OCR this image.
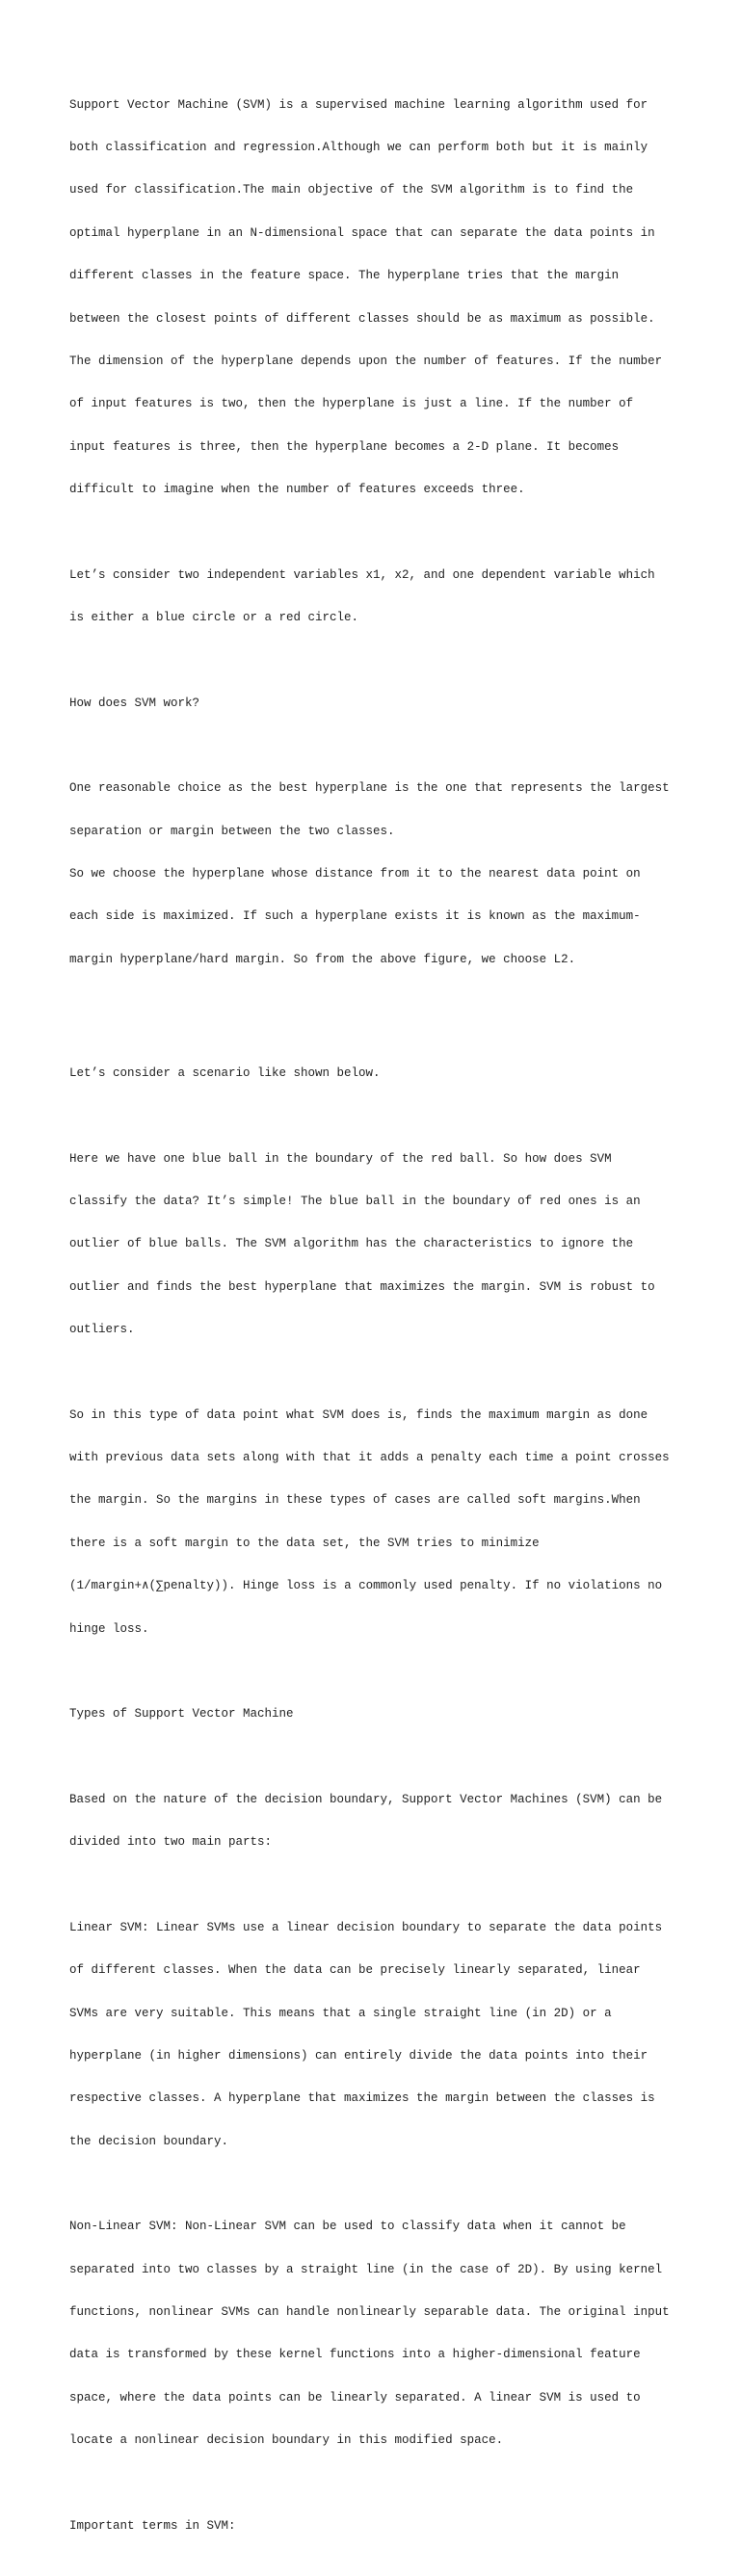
Support Vector Machine (SVM) is a supervised machine learning algorithm used for

both classification and regression.Although we can perform both but it is mainly

used for classification.The main objective of the SVM algorithm is to find the

optimal hyperplane in an N-dimensional space that can separate the data points in

different classes in the feature space. The hyperplane tries that the margin

between the closest points of different classes should be as maximum as possible.

The dimension of the hyperplane depends upon the number of features. If the number

of input features is two, then the hyperplane is just a line. If the number of

input features is three, then the hyperplane becomes a 2-D plane. It becomes

difficult to imagine when the number of features exceeds three.

Let’s consider two independent variables x1, x2, and one dependent variable which

is either a blue circle or a red circle.

How does SVM work?

One reasonable choice as the best hyperplane is the one that represents the largest

separation or margin between the two classes.

So we choose the hyperplane whose distance from it to the nearest data point on

each side is maximized. If such a hyperplane exists it is known as the maximum-

margin hyperplane/hard margin. So from the above figure, we choose L2.

Let’s consider a scenario like shown below.

Here we have one blue ball in the boundary of the red ball. So how does SVM

classify the data? It’s simple! The blue ball in the boundary of red ones is an

outlier of blue balls. The SVM algorithm has the characteristics to ignore the

outlier and finds the best hyperplane that maximizes the margin. SVM is robust to

outliers.

So in this type of data point what SVM does is, finds the maximum margin as done

with previous data sets along with that it adds a penalty each time a point crosses

the margin. So the margins in these types of cases are called soft margins.When

there is a soft margin to the data set, the SVM tries to minimize

(1/margin+∧(∑penalty)). Hinge loss is a commonly used penalty. If no violations no

hinge loss.

Types of Support Vector Machine

Based on the nature of the decision boundary, Support Vector Machines (SVM) can be

divided into two main parts:

Linear SVM: Linear SVMs use a linear decision boundary to separate the data points

of different classes. When the data can be precisely linearly separated, linear

SVMs are very suitable. This means that a single straight line (in 2D) or a

hyperplane (in higher dimensions) can entirely divide the data points into their

respective classes. A hyperplane that maximizes the margin between the classes is

the decision boundary.

Non-Linear SVM: Non-Linear SVM can be used to classify data when it cannot be

separated into two classes by a straight line (in the case of 2D). By using kernel

functions, nonlinear SVMs can handle nonlinearly separable data. The original input

data is transformed by these kernel functions into a higher-dimensional feature

space, where the data points can be linearly separated. A linear SVM is used to

locate a nonlinear decision boundary in this modified space.

Important terms in SVM:
